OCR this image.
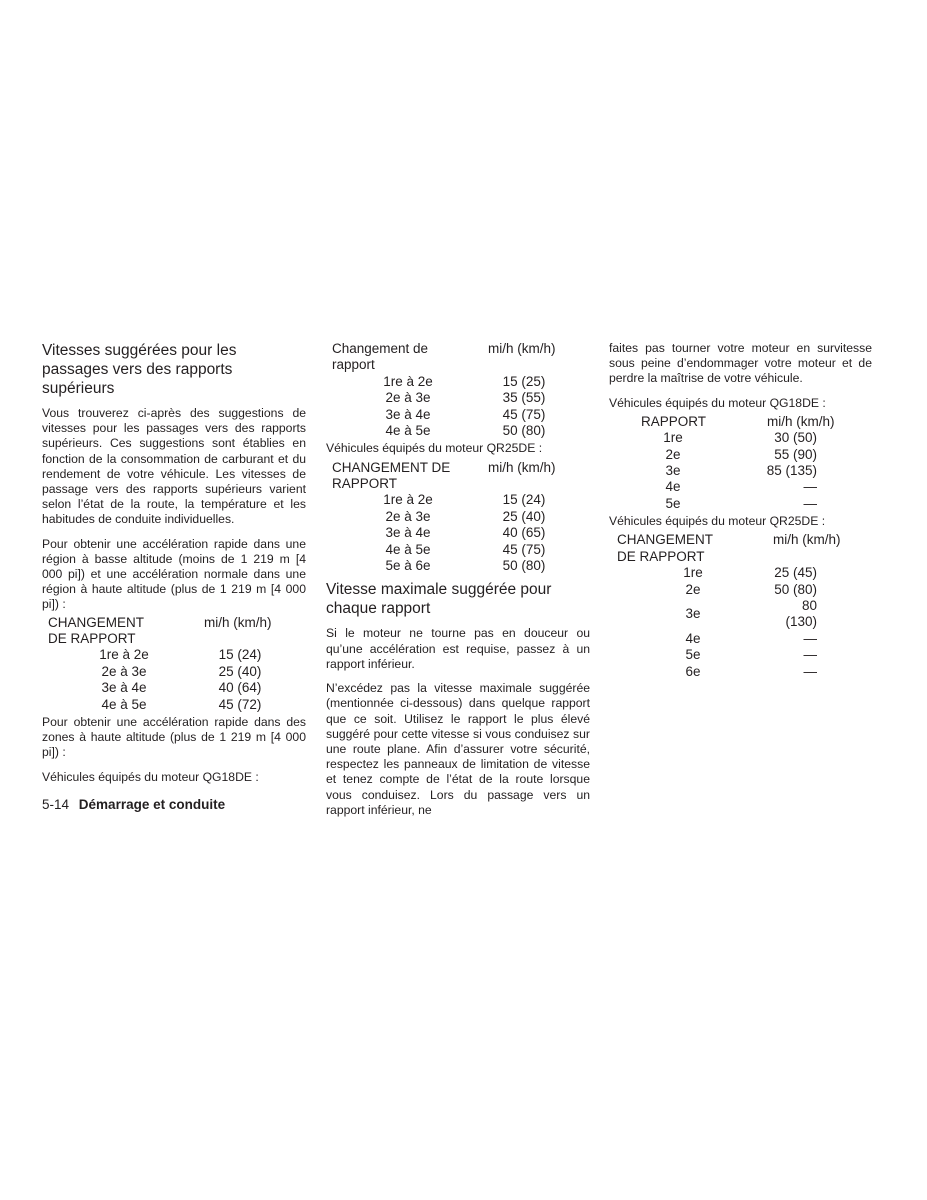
Vitesses suggérées pour les passages vers des rapports supérieurs

Vous trouverez ci-après des suggestions de vitesses pour les passages vers des rapports supérieurs. Ces suggestions sont établies en fonction de la consommation de carburant et du rendement de votre véhicule. Les vitesses de passage vers des rapports supérieurs varient selon l’état de la route, la température et les habitudes de conduite individuelles.

Pour obtenir une accélération rapide dans une région à basse altitude (moins de 1 219 m [4 000 pi]) et une accélération normale dans une région à haute altitude (plus de 1 219 m [4 000 pi]) :

CHANGEMENT DE RAPPORT	mi/h (km/h)
1re à 2e	15 (24)
2e à 3e	25 (40)
3e à 4e	40 (64)
4e à 5e	45 (72)

Pour obtenir une accélération rapide dans des zones à haute altitude (plus de 1 219 m [4 000 pi]) :

Véhicules équipés du moteur QG18DE :

Changement de rapport	mi/h (km/h)
1re à 2e	15 (25)
2e à 3e	35 (55)
3e à 4e	45 (75)
4e à 5e	50 (80)

Véhicules équipés du moteur QR25DE :

CHANGEMENT DE RAPPORT	mi/h (km/h)
1re à 2e	15 (24)
2e à 3e	25 (40)
3e à 4e	40 (65)
4e à 5e	45 (75)
5e à 6e	50 (80)
Vitesse maximale suggérée pour chaque rapport

Si le moteur ne tourne pas en douceur ou qu’une accélération est requise, passez à un rapport inférieur.

N’excédez pas la vitesse maximale suggérée (mentionnée ci-dessous) dans quelque rapport que ce soit. Utilisez le rapport le plus élevé suggéré pour cette vitesse si vous conduisez sur une route plane. Afin d’assurer votre sécurité, respectez les panneaux de limitation de vitesse et tenez compte de l’état de la route lorsque vous conduisez. Lors du passage vers un rapport inférieur, ne

faites pas tourner votre moteur en survitesse sous peine d’endommager votre moteur et de perdre la maîtrise de votre véhicule.

Véhicules équipés du moteur QG18DE :

RAPPORT	mi/h (km/h)
1re	30 (50)
2e	55 (90)
3e	85 (135)
4e	—
5e	—

Véhicules équipés du moteur QR25DE :

CHANGEMENT DE RAPPORT	mi/h (km/h)
1re	25 (45)
2e	50 (80)
3e	80 (130)
4e	—
5e	—
6e	—
5-14 Démarrage et conduite
